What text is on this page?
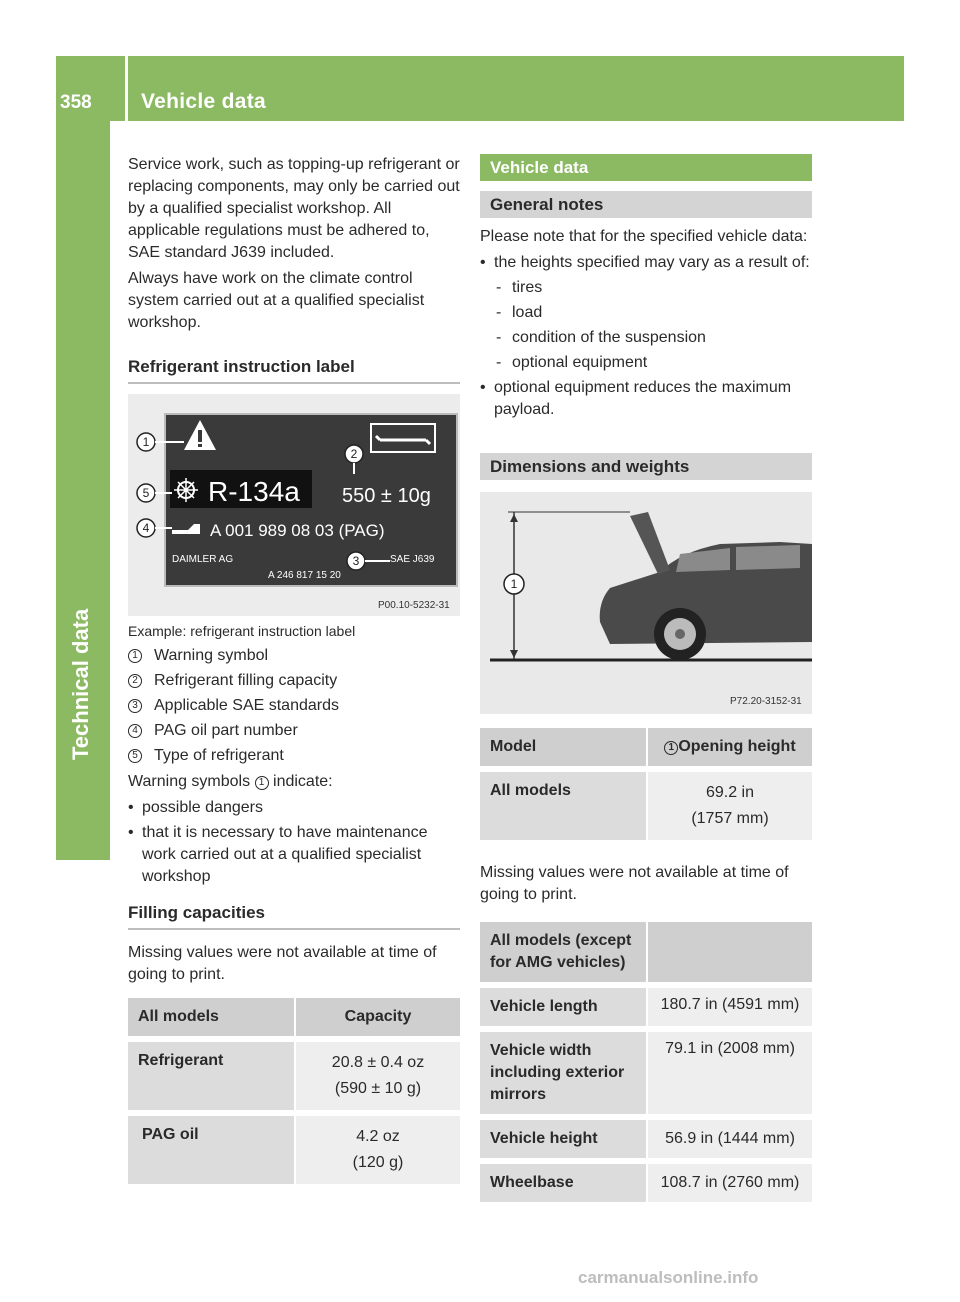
358 Vehicle data
Technical data

Service work, such as topping-up refrigerant or replacing components, may only be carried out by a qualified specialist workshop. All applicable regulations must be adhered to, SAE standard J639 included.

Always have work on the climate control system carried out at a qualified specialist workshop.

Refrigerant instruction label
R-134a 550 ± 10g
A 001 989 08 03 (PAG)
DAIMLER AG	SAE J639
A 246 817 15 20
P00.10-5232-31
1
2
3
4
5
Example: refrigerant instruction label
1 Warning symbol
2 Refrigerant filling capacity
3 Applicable SAE standards
4 PAG oil part number
5 Type of refrigerant

Warning symbols 1 indicate:

• possible dangers
• that it is necessary to have maintenance work carried out at a qualified specialist workshop
Filling capacities

Missing values were not available at time of going to print.

All models	Capacity

Refrigerant	20.8 ± 0.4 oz
(590 ± 10 g)

PAG oil	4.2 oz
(120 g)
Vehicle data
General notes

Please note that for the specified vehicle data:

• the heights specified may vary as a result of:
- tires
- load
- condition of the suspension
- optional equipment
• optional equipment reduces the maximum payload.
Dimensions and weights
1
P72.20-3152-31
Model	1 Opening height

All models	69.2 in
(1757 mm)

Missing values were not available at time of going to print.

All models (except for AMG vehicles)	

Vehicle length	180.7 in (4591 mm)

Vehicle width including exterior mirrors	79.1 in (2008 mm)

Vehicle height	56.9 in (1444 mm)

Wheelbase	108.7 in (2760 mm)
carmanualsonline.info
